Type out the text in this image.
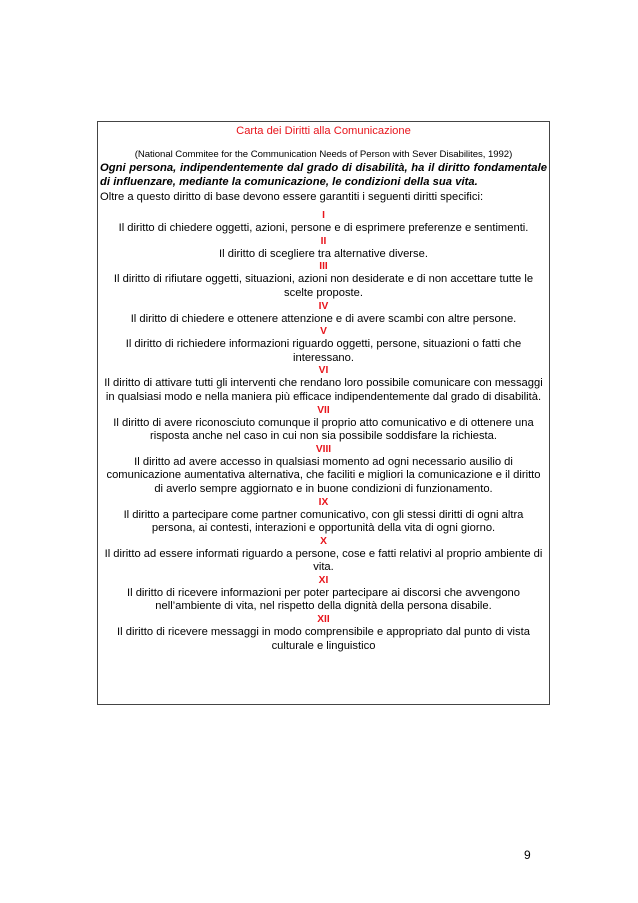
Carta dei Diritti alla Comunicazione
(National Commitee for the Communication Needs of Person with Sever Disabilites, 1992)
Ogni persona, indipendentemente dal grado di disabilità, ha il diritto fondamentale di influenzare, mediante la comunicazione, le condizioni della sua vita.
Oltre a questo diritto di base devono essere garantiti i seguenti diritti specifici:
I
Il diritto di chiedere oggetti, azioni, persone e di esprimere preferenze e sentimenti.
II
Il diritto di scegliere tra alternative diverse.
III
Il diritto di rifiutare oggetti, situazioni, azioni non desiderate e di non accettare tutte le scelte proposte.
IV
Il diritto di chiedere e ottenere attenzione e di avere scambi con altre persone.
V
Il diritto di richiedere informazioni riguardo oggetti, persone, situazioni o fatti che interessano.
VI
Il diritto di attivare tutti gli interventi che rendano loro possibile comunicare con messaggi in qualsiasi modo e nella maniera più efficace indipendentemente dal grado di disabilità.
VII
Il diritto di avere riconosciuto comunque il proprio atto comunicativo e di ottenere una risposta anche nel caso in cui non sia possibile soddisfare la richiesta.
VIII
Il diritto ad avere accesso in qualsiasi momento ad ogni necessario ausilio di comunicazione aumentativa alternativa, che faciliti e migliori la comunicazione e il diritto di averlo sempre aggiornato e in buone condizioni di funzionamento.
IX
Il diritto a partecipare come partner comunicativo, con gli stessi diritti di ogni altra persona, ai contesti, interazioni e opportunità della vita di ogni giorno.
X
Il diritto ad essere informati riguardo a persone, cose e fatti relativi al proprio ambiente di vita.
XI
Il diritto di ricevere informazioni per poter partecipare ai discorsi che avvengono nell’ambiente di vita, nel rispetto della dignità della persona disabile.
XII
Il diritto di ricevere messaggi in modo comprensibile e appropriato dal punto di vista culturale e linguistico
9
